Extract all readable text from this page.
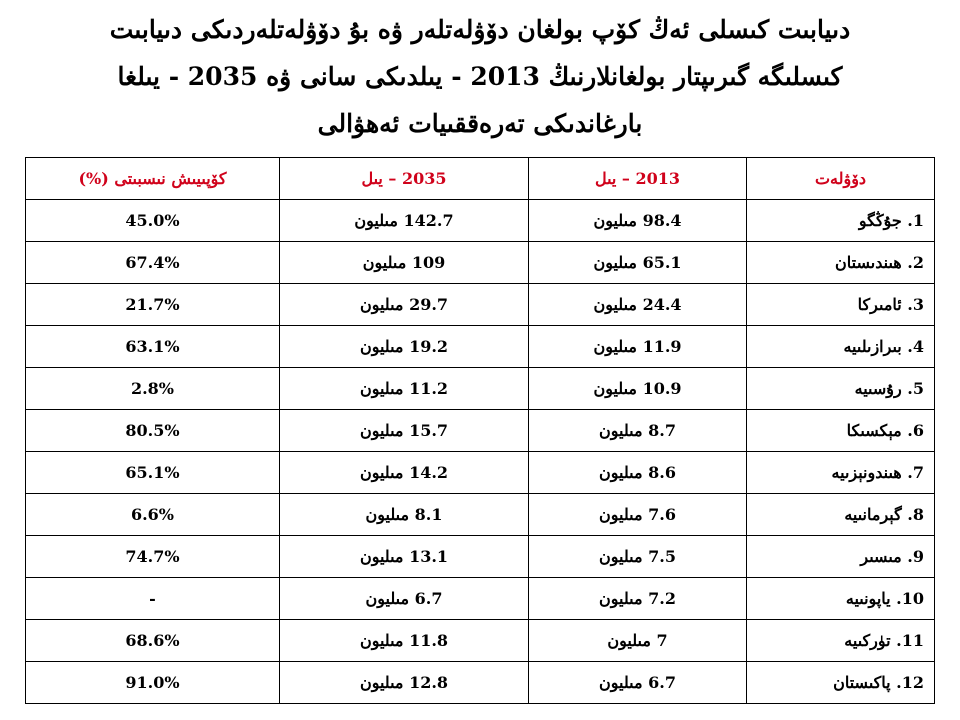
دىيابىت كىسلى ئەڭ كۆپ بولغان دۆۋلەتلەر ۋە بۇ دۆۋلەتلەردىكى دىيابىت
كىسلىگە گىرىپتار بولغانلارنىڭ 2013 - يىلدىكى سانى ۋە 2035 - يىلغا
بارغاندىكى تەرەققىيات ئەھۋالى
دۆۋلەت	2013 – يىل	2035 – يىل	كۆپىيىش نىسبىتى (%)
1. جۇڭگو	98.4 مىليون	142.7 مىليون	45.0%
2. ھىندىستان	65.1 مىليون	109 مىليون	67.4%
3. ئامىركا	24.4 مىليون	29.7 مىليون	21.7%
4. بىرازىلىيە	11.9 مىليون	19.2 مىليون	63.1%
5. رۇسىيە	10.9 مىليون	11.2 مىليون	2.8%
6. مېكسىكا	8.7 مىليون	15.7 مىليون	80.5%
7. ھىندونېزىيە	8.6 مىليون	14.2 مىليون	65.1%
8. گېرمانىيە	7.6 مىليون	8.1 مىليون	6.6%
9. مىسىر	7.5 مىليون	13.1 مىليون	74.7%
10. ياپونىيە	7.2 مىليون	6.7 مىليون	-
11. تۈركىيە	7 مىليون	11.8 مىليون	68.6%
12. پاكىستان	6.7 مىليون	12.8 مىليون	91.0%
